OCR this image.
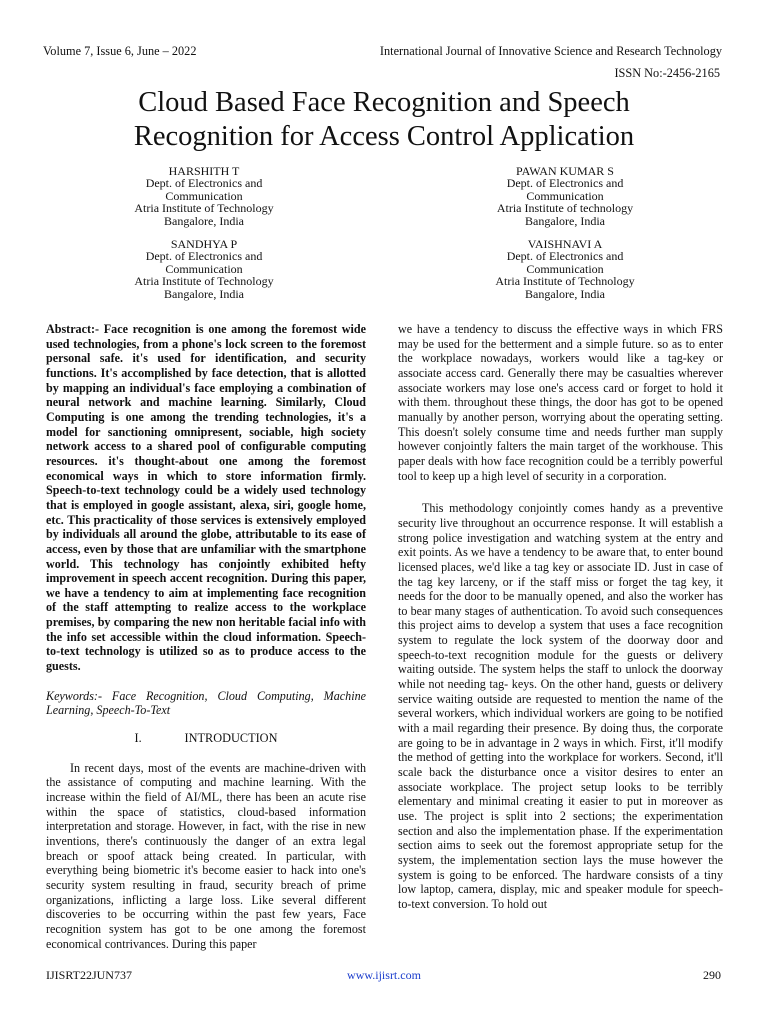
Volume 7, Issue 6, June – 2022	International Journal of Innovative Science and Research Technology
ISSN No:-2456-2165
Cloud Based Face Recognition and Speech
Recognition for Access Control Application
HARSHITH T
Dept. of Electronics and
Communication
Atria Institute of Technology
Bangalore, India
PAWAN KUMAR S
Dept. of Electronics and
Communication
Atria Institute of technology
Bangalore, India
SANDHYA P
Dept. of Electronics and
Communication
Atria Institute of Technology
Bangalore, India
VAISHNAVI A
Dept. of Electronics and
Communication
Atria Institute of Technology
Bangalore, India

Abstract:- Face recognition is one among the foremost wide used technologies, from a phone's lock screen to the foremost personal safe. it's used for identification, and security functions. It's accomplished by face detection, that is allotted by mapping an individual's face employing a combination of neural network and machine learning. Similarly, Cloud Computing is one among the trending technologies, it's a model for sanctioning omnipresent, sociable, high society network access to a shared pool of configurable computing resources. it's thought-about one among the foremost economical ways in which to store information firmly. Speech-to-text technology could be a widely used technology that is employed in google assistant, alexa, siri, google home, etc. This practicality of those services is extensively employed by individuals all around the globe, attributable to its ease of access, even by those that are unfamiliar with the smartphone world. This technology has conjointly exhibited hefty improvement in speech accent recognition. During this paper, we have a tendency to aim at implementing face recognition of the staff attempting to realize access to the workplace premises, by comparing the new non heritable facial info with the info set accessible within the cloud information. Speech-to-text technology is utilized so as to produce access to the guests.

Keywords:- Face Recognition, Cloud Computing, Machine Learning, Speech-To-Text

I.	INTRODUCTION

In recent days, most of the events are machine-driven with the assistance of computing and machine learning. With the increase within the field of AI/ML, there has been an acute rise within the space of statistics, cloud-based information interpretation and storage. However, in fact, with the rise in new inventions, there's continuously the danger of an extra legal breach or spoof attack being created. In particular, with everything being biometric it's become easier to hack into one's security system resulting in fraud, security breach of prime organizations, inflicting a large loss. Like several different discoveries to be occurring within the past few years, Face recognition system has got to be one among the foremost economical contrivances. During this paper

we have a tendency to discuss the effective ways in which FRS may be used for the betterment and a simple future. so as to enter the workplace nowadays, workers would like a tag-key or associate access card. Generally there may be casualties wherever associate workers may lose one's access card or forget to hold it with them. throughout these things, the door has got to be opened manually by another person, worrying about the operating setting. This doesn't solely consume time and needs further man supply however conjointly falters the main target of the workhouse. This paper deals with how face recognition could be a terribly powerful tool to keep up a high level of security in a corporation.

This methodology conjointly comes handy as a preventive security live throughout an occurrence response. It will establish a strong police investigation and watching system at the entry and exit points. As we have a tendency to be aware that, to enter bound licensed places, we'd like a tag key or associate ID. Just in case of the tag key larceny, or if the staff miss or forget the tag key, it needs for the door to be manually opened, and also the worker has to bear many stages of authentication. To avoid such consequences this project aims to develop a system that uses a face recognition system to regulate the lock system of the doorway door and speech-to-text recognition module for the guests or delivery waiting outside. The system helps the staff to unlock the doorway while not needing tag- keys. On the other hand, guests or delivery service waiting outside are requested to mention the name of the several workers, which individual workers are going to be notified with a mail regarding their presence. By doing thus, the corporate are going to be in advantage in 2 ways in which. First, it'll modify the method of getting into the workplace for workers. Second, it'll scale back the disturbance once a visitor desires to enter an associate workplace. The project setup looks to be terribly elementary and minimal creating it easier to put in moreover as use. The project is split into 2 sections; the experimentation section and also the implementation phase. If the experimentation section aims to seek out the foremost appropriate setup for the system, the implementation section lays the muse however the system is going to be enforced. The hardware consists of a tiny low laptop, camera, display, mic and speaker module for speech-to-text conversion. To hold out

IJISRT22JUN737	www.ijisrt.com	290
